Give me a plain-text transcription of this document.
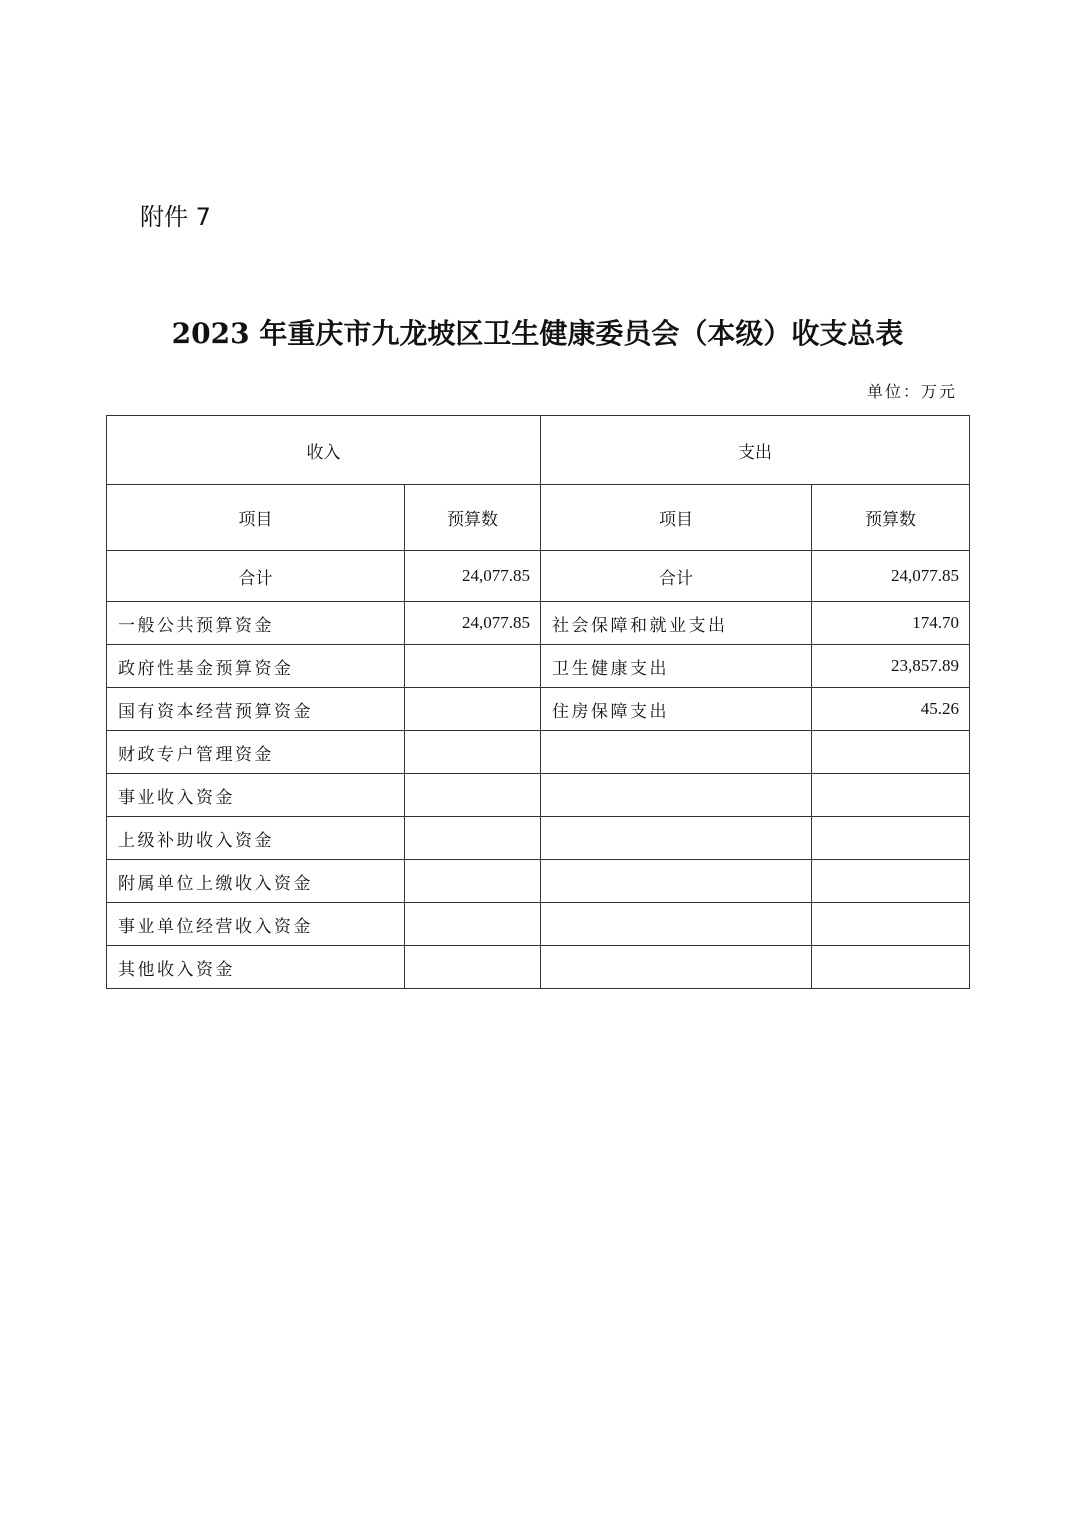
附件 7
2023 年重庆市九龙坡区卫生健康委员会（本级）收支总表
单位：万元
收入		支出	
项目	预算数	项目	预算数
合计	24,077.85	合计	24,077.85
一般公共预算资金	24,077.85	社会保障和就业支出	174.70
政府性基金预算资金		卫生健康支出	23,857.89
国有资本经营预算资金		住房保障支出	45.26
财政专户管理资金			
事业收入资金			
上级补助收入资金			
附属单位上缴收入资金			
事业单位经营收入资金			
其他收入资金			
